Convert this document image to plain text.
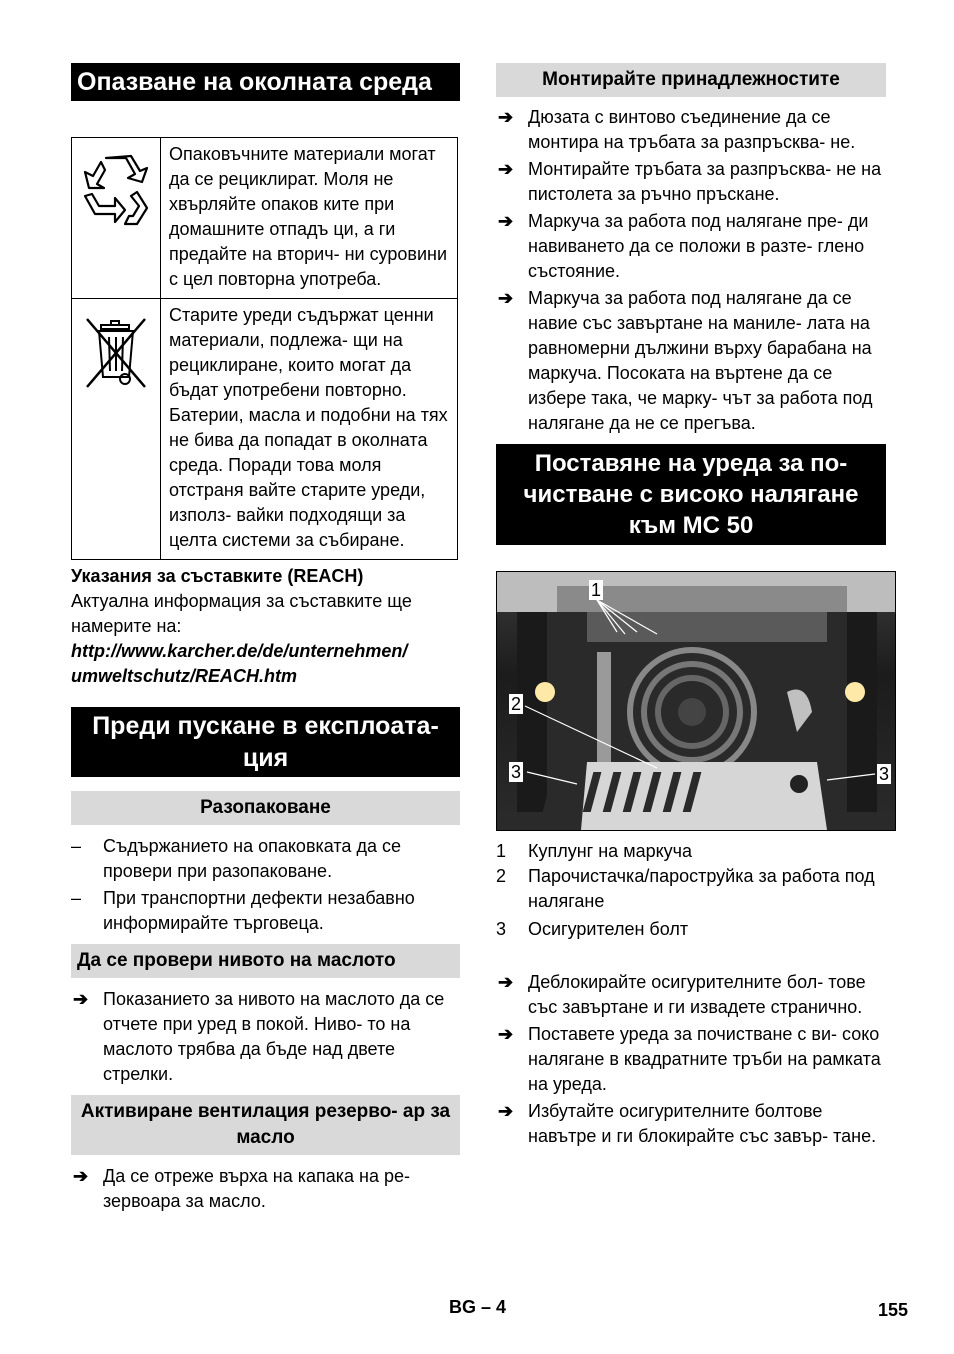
Опазване на околната среда
	Опаковъчните материали могат да се рециклират. Моля не хвърляйте опаков ките при домашните отпадъ ци, а ги предайте на вторич- ни суровини с цел повторна употреба.
	Старите уреди съдържат ценни материали, подлежа- щи на рециклиране, които могат да бъдат употребени повторно. Батерии, масла и подобни на тях не бива да попадат в околната среда. Поради това моля отстраня вайте старите уреди, използ- вайки подходящи за целта системи за събиране.
Указания за съставките (REACH)

Актуална информация за съставките ще намерите на:

http://www.karcher.de/de/unternehmen/ umweltschutz/REACH.htm
Преди пускане в експлоата- ция
Разопаковане
– Съдържанието на опаковката да се провери при разопаковане.
– При транспортни дефекти незабавно информирайте търговеца.
Да се провери нивото на маслото
➔ Показанието за нивото на маслото да се отчете при уред в покой. Ниво- то на маслото трябва да бъде над двете стрелки.
Активиране вентилация резерво- ар за масло
➔ Да се отреже върха на капака на ре- зервоара за масло.
Монтирайте принадлежностите
➔ Дюзата с винтово съединение да се монтира на тръбата за разпръсква- не.
➔ Монтирайте тръбата за разпръсква- не на пистолета за ръчно пръскане.
➔ Маркуча за работа под налягане пре- ди навиването да се положи в разте- глено състояние.
➔ Маркуча за работа под налягане да се навие със завъртане на маниле- лата на равномерни дължини върху барабана на маркуча. Посоката на въртене да се избере така, че марку- чът за работа под налягане да не се прегъва.
Поставяне на уреда за по- чистване с високо налягане към MC 50
1
2
3	3
1 Куплунг на маркуча
2 Парочистачка/пароструйка за работа под налягане
3 Осигурителен болт
➔ Деблокирайте осигурителните бол- тове със завъртане и ги извадете странично.
➔ Поставете уреда за почистване с ви- соко налягане в квадратните тръби на рамката на уреда.
➔ Избутайте осигурителните болтове навътре и ги блокирайте със завър- тане.
BG – 4	155
